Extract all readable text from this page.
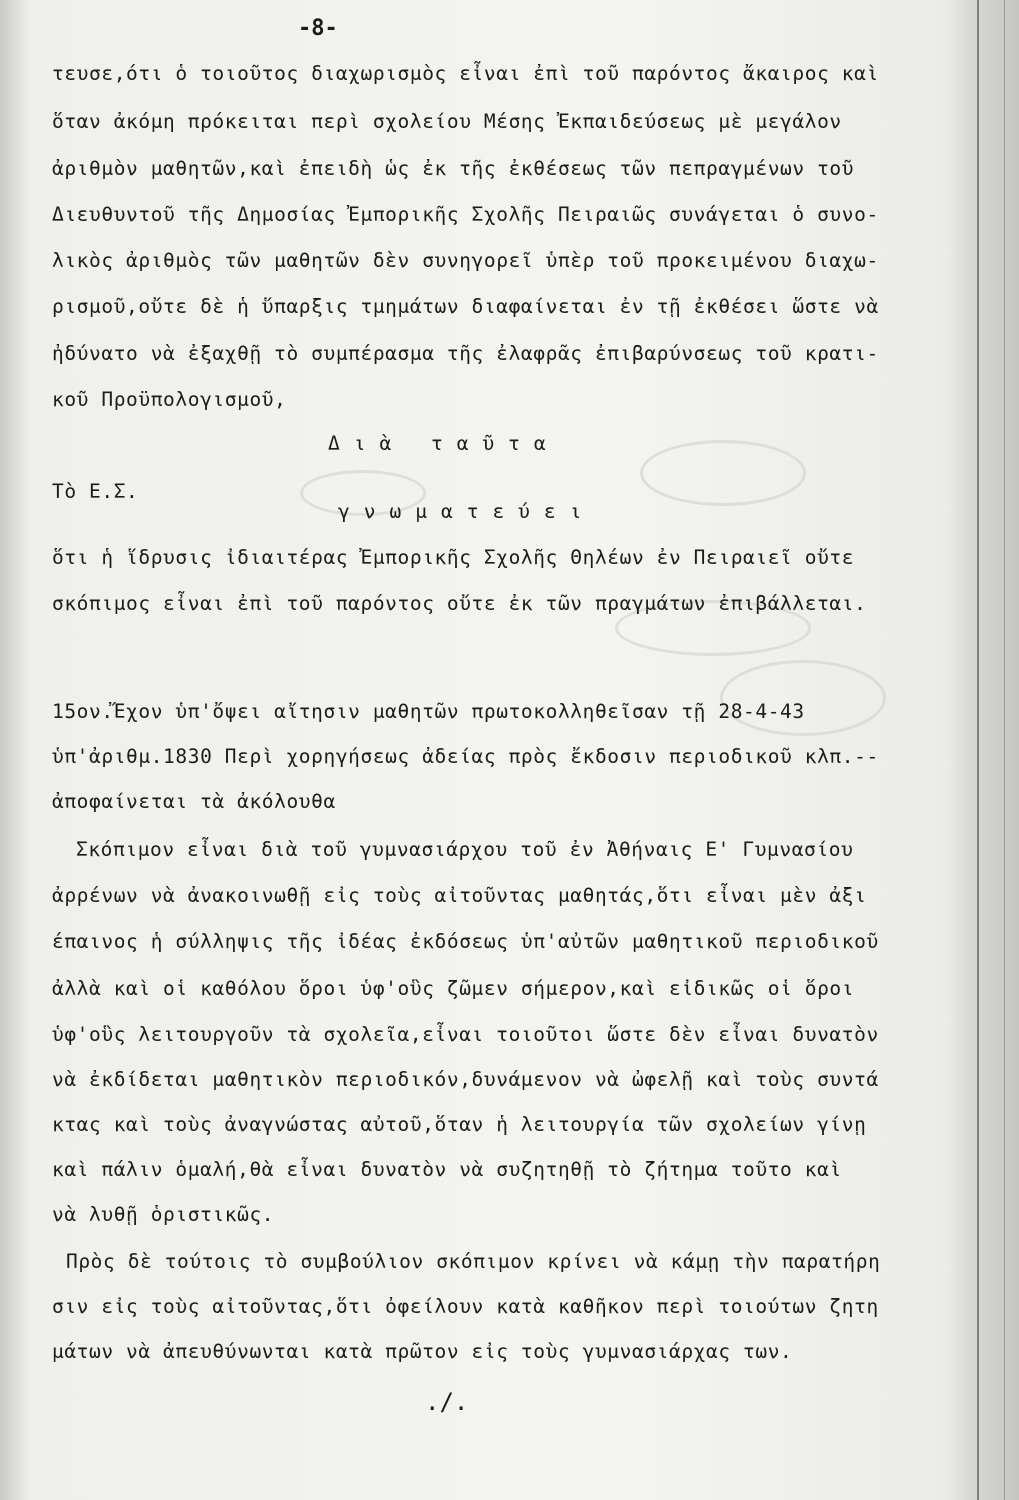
-8-
τευσε,ότι ὁ τοιοῦτος διαχωρισμὸς εἶναι ἐπὶ τοῦ παρόντος ἄκαιρος καὶ
ὅταν ἀκόμη πρόκειται περὶ σχολείου Μέσης Ἐκπαιδεύσεως μὲ μεγάλον
ἀριθμὸν μαθητῶν,καὶ ἐπειδὴ ὡς ἐκ τῆς ἐκθέσεως τῶν πεπραγμένων τοῦ
Διευθυντοῦ τῆς Δημοσίας Ἐμπορικῆς Σχολῆς Πειραιῶς συνάγεται ὁ συνο-
λικὸς ἀριθμὸς τῶν μαθητῶν δὲν συνηγορεῖ ὑπὲρ τοῦ προκειμένου διαχω-
ρισμοῦ,οὔτε δὲ ἡ ὕπαρξις τμημάτων διαφαίνεται ἐν τῇ ἐκθέσει ὥστε νὰ
ἠδύνατο νὰ ἐξαχθῇ τὸ συμπέρασμα τῆς ἐλαφρᾶς ἐπιβαρύνσεως τοῦ κρατι-
κοῦ Προϋπολογισμοῦ,
Διὰ ταῦτα
Τὸ Ε.Σ.
γνωματεύει
ὅτι ἡ ἵδρυσις ἰδιαιτέρας Ἐμπορικῆς Σχολῆς Θηλέων ἐν Πειραιεῖ οὔτε
σκόπιμος εἶναι ἐπὶ τοῦ παρόντος οὔτε ἐκ τῶν πραγμάτων ἐπιβάλλεται.
15ον.Ἔχον ὑπ'ὄψει αἴτησιν μαθητῶν πρωτοκολληθεῖσαν τῇ 28-4-43
ὑπ'ἀριθμ.1830 Περὶ χορηγήσεως ἀδείας πρὸς ἔκδοσιν περιοδικοῦ κλπ.--
ἀποφαίνεται τὰ ἀκόλουθα
Σκόπιμον εἶναι διὰ τοῦ γυμνασιάρχου τοῦ ἐν Ἀθήναις Ε' Γυμνασίου
ἀρρένων νὰ ἀνακοινωθῇ εἰς τοὺς αἰτοῦντας μαθητάς,ὅτι εἶναι μὲν ἀξι
έπαινος ἡ σύλληψις τῆς ἰδέας ἐκδόσεως ὑπ'αὐτῶν μαθητικοῦ περιοδικοῦ
ἀλλὰ καὶ οἱ καθόλου ὅροι ὑφ'οὓς ζῶμεν σήμερον,καὶ εἰδικῶς οἱ ὅροι
ὑφ'οὓς λειτουργοῦν τὰ σχολεῖα,εἶναι τοιοῦτοι ὥστε δὲν εἶναι δυνατὸν
νὰ ἐκδίδεται μαθητικὸν περιοδικόν,δυνάμενον νὰ ὠφελῇ καὶ τοὺς συντά
κτας καὶ τοὺς ἀναγνώστας αὐτοῦ,ὅταν ἡ λειτουργία τῶν σχολείων γίνῃ
καὶ πάλιν ὁμαλή,θὰ εἶναι δυνατὸν νὰ συζητηθῇ τὸ ζήτημα τοῦτο καὶ
νὰ λυθῇ ὁριστικῶς.
Πρὸς δὲ τούτοις τὸ συμβούλιον σκόπιμον κρίνει νὰ κάμῃ τὴν παρατήρη
σιν εἰς τοὺς αἰτοῦντας,ὅτι ὀφείλουν κατὰ καθῆκον περὶ τοιούτων ζητη
μάτων νὰ ἀπευθύνωνται κατὰ πρῶτον εἰς τοὺς γυμνασιάρχας των.
./.
